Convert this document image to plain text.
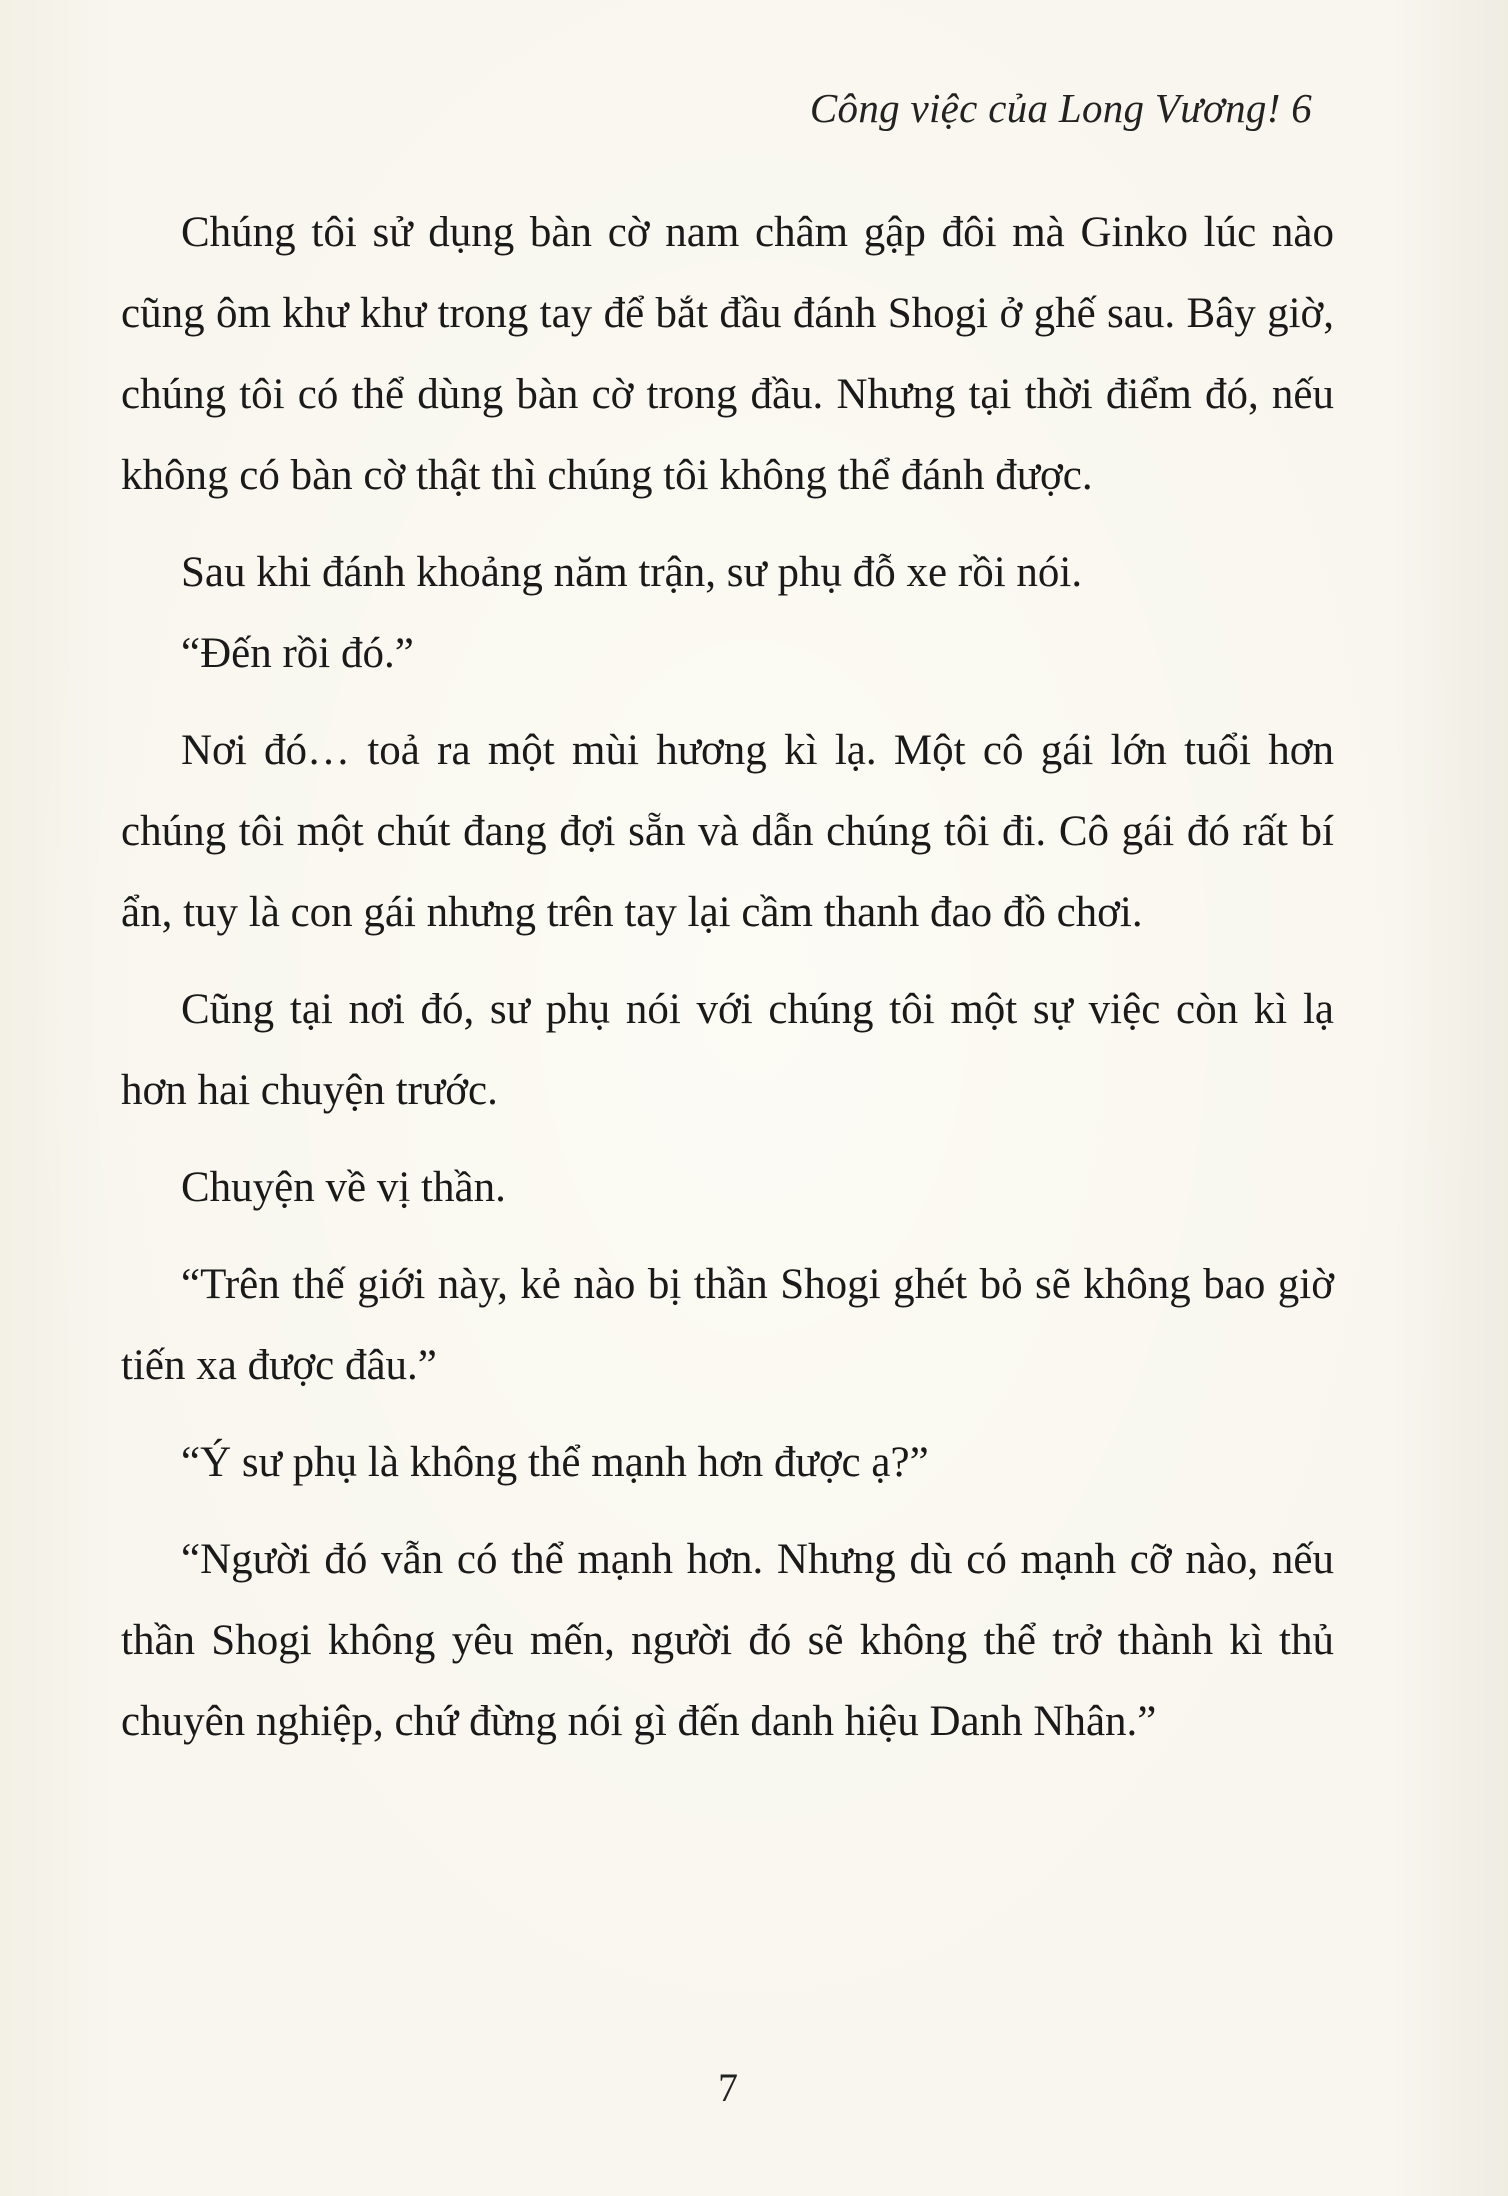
Công việc của Long Vương! 6

Chúng tôi sử dụng bàn cờ nam châm gập đôi mà Ginko lúc nào cũng ôm khư khư trong tay để bắt đầu đánh Shogi ở ghế sau. Bây giờ, chúng tôi có thể dùng bàn cờ trong đầu. Nhưng tại thời điểm đó, nếu không có bàn cờ thật thì chúng tôi không thể đánh được.

Sau khi đánh khoảng năm trận, sư phụ đỗ xe rồi nói.

“Đến rồi đó.”

Nơi đó… toả ra một mùi hương kì lạ. Một cô gái lớn tuổi hơn chúng tôi một chút đang đợi sẵn và dẫn chúng tôi đi. Cô gái đó rất bí ẩn, tuy là con gái nhưng trên tay lại cầm thanh đao đồ chơi.

Cũng tại nơi đó, sư phụ nói với chúng tôi một sự việc còn kì lạ hơn hai chuyện trước.

Chuyện về vị thần.

“Trên thế giới này, kẻ nào bị thần Shogi ghét bỏ sẽ không bao giờ tiến xa được đâu.”

“Ý sư phụ là không thể mạnh hơn được ạ?”

“Người đó vẫn có thể mạnh hơn. Nhưng dù có mạnh cỡ nào, nếu thần Shogi không yêu mến, người đó sẽ không thể trở thành kì thủ chuyên nghiệp, chứ đừng nói gì đến danh hiệu Danh Nhân.”

7
